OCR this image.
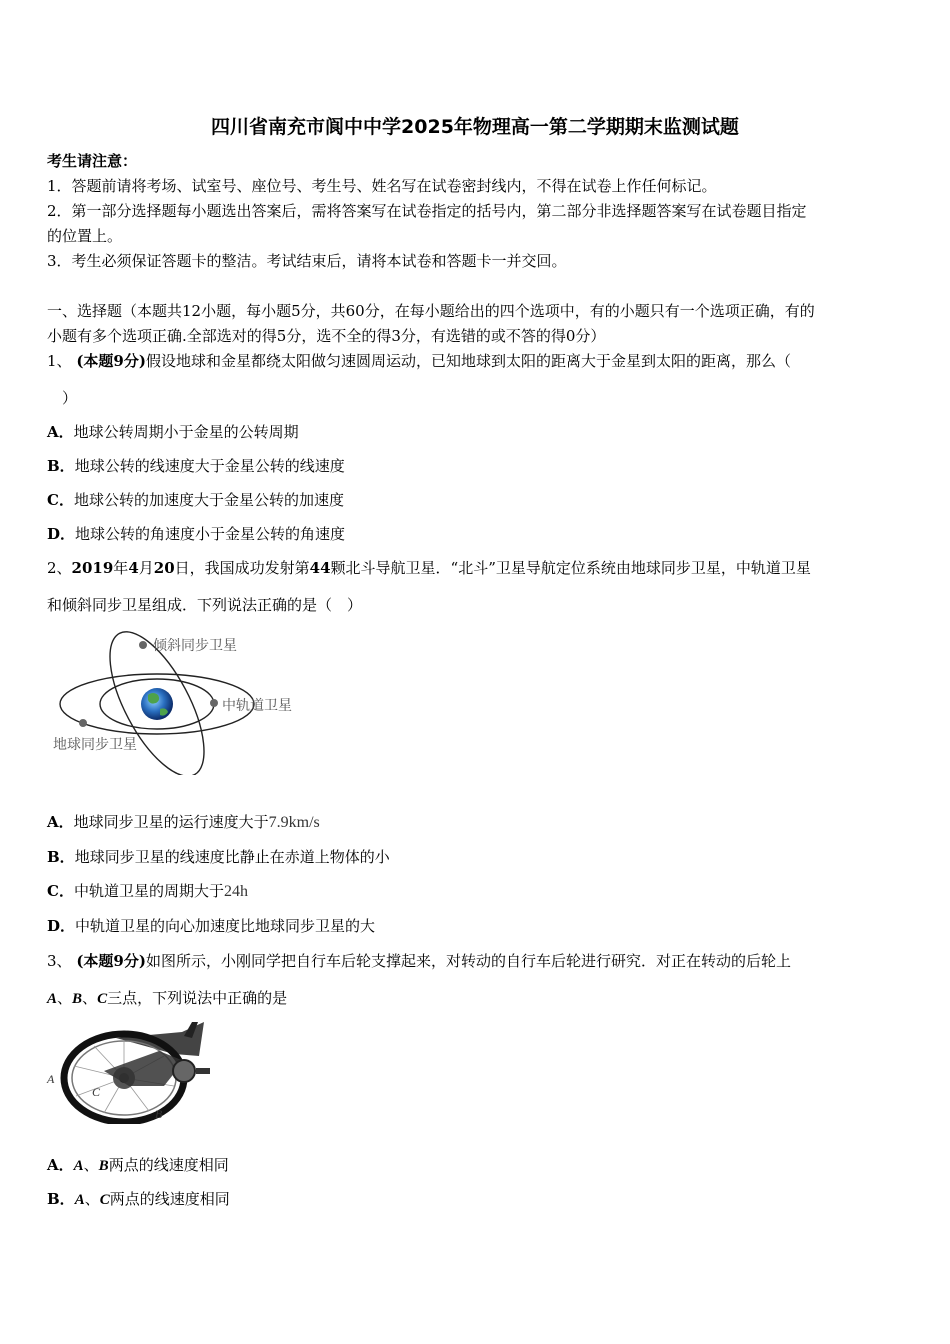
四川省南充市阆中中学2025年物理高一第二学期期末监测试题
考生请注意：
1．答题前请将考场、试室号、座位号、考生号、姓名写在试卷密封线内，不得在试卷上作任何标记。
2．第一部分选择题每小题选出答案后，需将答案写在试卷指定的括号内，第二部分非选择题答案写在试卷题目指定
的位置上。
3．考生必须保证答题卡的整洁。考试结束后，请将本试卷和答题卡一并交回。
一、选择题（本题共12小题，每小题5分，共60分，在每小题给出的四个选项中，有的小题只有一个选项正确，有的
小题有多个选项正确.全部选对的得5分，选不全的得3分，有选错的或不答的得0分）
1、 (本题9分)假设地球和金星都绕太阳做匀速圆周运动，已知地球到太阳的距离大于金星到太阳的距离，那么（
）
A．地球公转周期小于金星的公转周期
B．地球公转的线速度大于金星公转的线速度
C．地球公转的加速度大于金星公转的加速度
D．地球公转的角速度小于金星公转的角速度
2、2019年4月20日，我国成功发射第44颗北斗导航卫星．“北斗”卫星导航定位系统由地球同步卫星，中轨道卫星
和倾斜同步卫星组成．下列说法正确的是（　）
倾斜同步卫星
中轨道卫星
地球同步卫星
A．地球同步卫星的运行速度大于7.9km/s
B．地球同步卫星的线速度比静止在赤道上物体的小
C．中轨道卫星的周期大于24h
D．中轨道卫星的向心加速度比地球同步卫星的大
3、 (本题9分)如图所示，小刚同学把自行车后轮支撑起来，对转动的自行车后轮进行研究．对正在转动的后轮上
A、B、C三点，下列说法中正确的是
A
C
B
A．A、B两点的线速度相同
B．A、C两点的线速度相同
